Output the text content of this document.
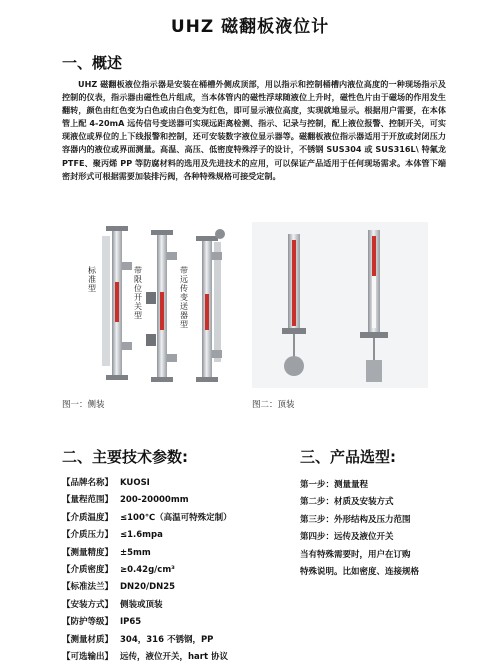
UHZ 磁翻板液位计
一、概述
UHZ 磁翻板液位指示器是安装在桶槽外侧成顶部，用以指示和控制桶槽内液位高度的一种现场指示及控制的仪表，指示器由磁性色片组成，当本体管内的磁性浮球随液位上升时，磁性色片由于磁场的作用发生翻转，颜色由红色变为白色或由白色变为红色，即可显示液位高度，实现就地显示。根据用户需要，在本体管上配 4-20mA 远传信号变送器可实现远距离检测、指示、记录与控制，配上液位报警、控制开关，可实现液位或界位的上下线报警和控制，还可安装数字液位显示器等。磁翻板液位指示器适用于开放或封闭压力容器内的液位或界面测量。高温、高压、低密度特殊浮子的设计，不锈钢 SUS304 或 SUS316L\ 特氟龙 PTFE、聚丙烯 PP 等防腐材料的选用及先进技术的应用，可以保证产品适用于任何现场需求。本体管下端密封形式可根据需要加装排污阀，各种特殊规格可接受定制。
标准型
带限位开关型
带远传变送器型
图一：侧装	图二：顶装
二、主要技术参数:	三、产品选型:
【品牌名称】 KUOSI
【量程范围】 200-20000mm
【介质温度】 ≤100℃（高温可特殊定制）
【介质压力】 ≤1.6mpa
【测量精度】 ±5mm
【介质密度】 ≥0.42g/cm³
【标准法兰】 DN20/DN25
【安装方式】 侧装或顶装
【防护等级】 IP65
【测量材质】 304，316 不锈钢，PP
【可选输出】 远传，液位开关，hart 协议
第一步：测量量程
第二步：材质及安装方式
第三步：外形结构及压力范围
第四步：远传及液位开关
当有特殊需要时，用户在订购
特殊说明。比如密度、连接规格
